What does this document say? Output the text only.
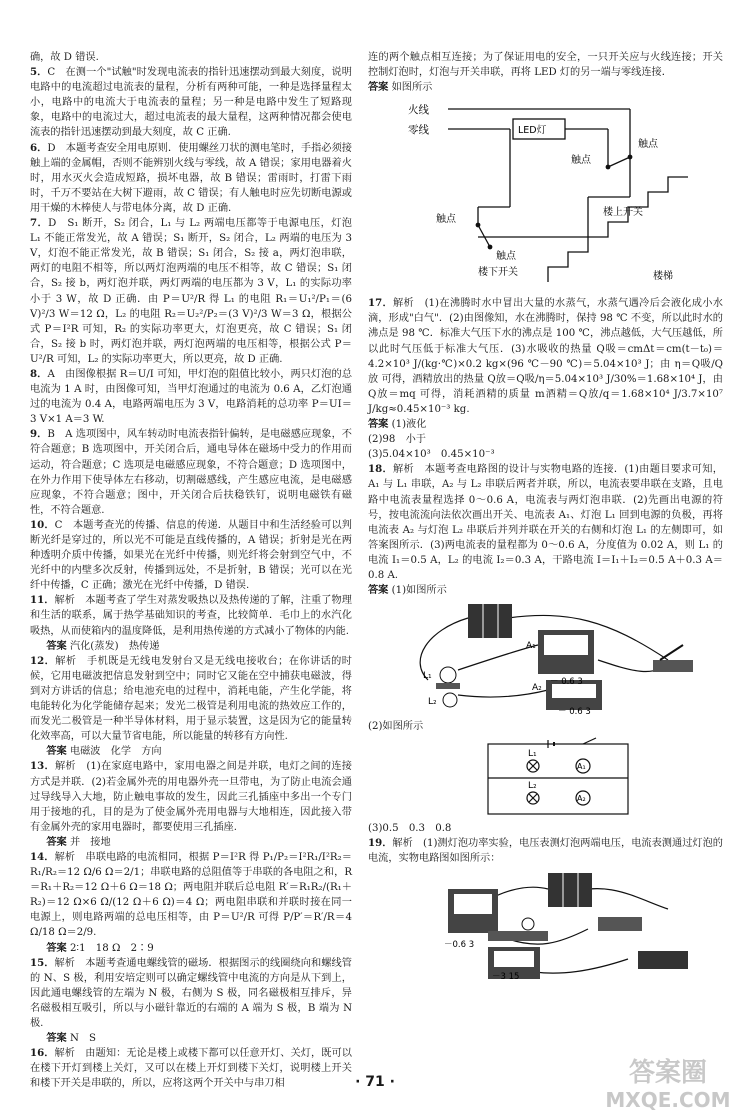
确，故 D 错误.

5．C　在测一个"试触"时发现电流表的指针迅速摆动到最大刻度，说明电路中的电流超过电流表的量程，分析有两种可能，一种是选择量程太小，电路中的电流大于电流表的量程；另一种是电路中发生了短路现象，电路中的电流过大，超过电流表的最大量程，这两种情况都会使电流表的指针迅速摆动到最大刻度，故 C 正确.

6．D　本题考查安全用电原则．使用螺丝刀状的测电笔时，手指必须接触上端的金属帽，否则不能辨别火线与零线，故 A 错误；家用电器着火时，用水灭火会造成短路，损坏电器，故 B 错误；雷雨时，打雷下雨时，千万不要站在大树下避雨，故 C 错误；有人触电时应先切断电源或用干燥的木棒使人与带电体分离，故 D 正确.

7．D　S₁ 断开，S₂ 闭合，L₁ 与 L₂ 两端电压都等于电源电压，灯泡 L₁ 不能正常发光，故 A 错误；S₁ 断开，S₂ 闭合，L₂ 两端的电压为 3 V，灯泡不能正常发光，故 B 错误；S₁ 闭合，S₂ 接 a，两灯泡串联，两灯的电阻不相等，所以两灯泡两端的电压不相等，故 C 错误；S₁ 闭合，S₂ 接 b，两灯泡并联，两灯两端的电压都为 3 V，L₁ 的实际功率小于 3 W，故 D 正确．由 P＝U²/R 得 L₁ 的电阻 R₁＝U₁²/P₁＝(6 V)²/3 W＝12 Ω，L₂ 的电阻 R₂＝U₂²/P₂＝(3 V)²/3 W＝3 Ω，根据公式 P＝I²R 可知，R₂ 的实际功率更大，灯泡更亮，故 C 错误；S₁ 闭合，S₂ 接 b 时，两灯泡并联，两灯泡两端的电压相等，根据公式 P＝U²/R 可知，L₂ 的实际功率更大，所以更亮，故 D 正确.

8．A　由图像根据 R＝U/I 可知，甲灯泡的阻值比较小，两只灯泡的总电流为 1 A 时，由图像可知，当甲灯泡通过的电流为 0.6 A，乙灯泡通过的电流为 0.4 A，电路两端电压为 3 V，电路消耗的总功率 P＝UI＝3 V×1 A＝3 W.

9．B　A 选项图中，风车转动时电流表指针偏转，是电磁感应现象，不符合题意；B 选项图中，开关闭合后，通电导体在磁场中受力的作用而运动，符合题意；C 选项是电磁感应现象，不符合题意；D 选项图中，在外力作用下使导体左右移动，切割磁感线，产生感应电流，是电磁感应现象，不符合题意；图中，开关闭合后扶稳铁钉，说明电磁铁有磁性，不符合题意.

10．C　本题考查光的传播、信息的传递．从题目中和生活经验可以判断光纤是穿过的，所以光不可能是直线传播的，A 错误；折射是光在两种透明介质中传播，如果光在光纤中传播，则光纤将会射到空气中，不光纤中的内壁多次反射，传播到远处，不是折射，B 错误；光可以在光纤中传播，C 正确；激光在光纤中传播，D 错误.

11．解析　本题考查了学生对蒸发吸热以及热传递的了解，注重了物理和生活的联系，属于热学基础知识的考查，比较简单．毛巾上的水汽化吸热，从而使箱内的温度降低，是利用热传递的方式减小了物体的内能.

答案 汽化(蒸发)　热传递

12．解析　手机既是无线电发射台又是无线电接收台；在你讲话的时候，它用电磁波把信息发射到空中；同时它又能在空中捕获电磁波，得到对方讲话的信息；给电池充电的过程中，消耗电能，产生化学能，将电能转化为化学能储存起来；发光二极管是利用电流的热效应工作的，而发光二极管是一种半导体材料，用于显示装置，这是因为它的能量转化效率高，可以大量节省电能，所以能量的转移有方向性.

答案 电磁波　化学　方向

13．解析　(1)在家庭电路中，家用电器之间是并联，电灯之间的连接方式是并联．(2)若金属外壳的用电器外壳一旦带电，为了防止电流会通过导线导入大地，防止触电事故的发生，因此三孔插座中多出一个专门用于接地的孔，目的是为了使金属外壳用电器与大地相连，因此接入带有金属外壳的家用电器时，都要使用三孔插座.

答案 并　接地

14．解析　串联电路的电流相同，根据 P＝I²R 得 P₁/P₂＝I²R₁/I²R₂＝R₁/R₂＝12 Ω/6 Ω＝2/1；串联电路的总阻值等于串联的各电阻之和，R＝R₁＋R₂＝12 Ω＋6 Ω＝18 Ω；两电阻并联后总电阻 R′＝R₁R₂/(R₁＋R₂)＝12 Ω×6 Ω/(12 Ω＋6 Ω)＝4 Ω；两电阻串联和并联时接在同一电源上，则电路两端的总电压相等，由 P＝U²/R 可得 P/P′＝R′/R＝4 Ω/18 Ω＝2/9.

答案 2∶1　18 Ω　2∶9

15．解析　本题考查通电螺线管的磁场．根据图示的线圈绕向和螺线管的 N、S 极，利用安培定则可以确定螺线管中电流的方向是从下到上，因此通电螺线管的左端为 N 极，右侧为 S 极，同名磁极相互排斥，异名磁极相互吸引，所以与小磁针靠近的右端的 A 端为 S 极，B 端为 N 极.

答案 N　S

16．解析　由题知：无论是楼上或楼下都可以任意开灯、关灯，既可以在楼下开灯到楼上关灯，又可以在楼上开灯到楼下关灯，说明楼上开关和楼下开关是串联的，所以，应将这两个开关中与串刀相

连的两个触点相互连接；为了保证用电的安全，一只开关应与火线连接；开关控制灯泡时，灯泡与开关串联，再将 LED 灯的另一端与零线连接．

答案 如图所示

火线
零线	LED灯
触点
触点
楼上开关
触点
触点
楼下开关	楼梯

17．解析　(1)在沸腾时水中冒出大量的水蒸气，水蒸气遇冷后会液化成小水滴，形成"白气"．(2)由图像知，水在沸腾时，保持 98 ℃ 不变，所以此时水的沸点是 98 ℃．标准大气压下水的沸点是 100 ℃，沸点越低，大气压越低，所以此时气压低于标准大气压．(3)水吸收的热量 Q吸＝cmΔt＝cm(t－t₀)＝4.2×10³ J/(kg·℃)×0.2 kg×(96 ℃－90 ℃)＝5.04×10³ J；由 η＝Q吸/Q放 可得，酒精放出的热量 Q放＝Q吸/η＝5.04×10³ J/30%＝1.68×10⁴ J，由 Q放＝mq 可得，消耗酒精的质量 m酒精＝Q放/q＝1.68×10⁴ J/3.7×10⁷ J/kg≈0.45×10⁻³ kg.

答案 (1)液化
(2)98　小于
(3)5.04×10³　0.45×10⁻³

18．解析　本题考查电路图的设计与实物电路的连接．(1)由题目要求可知，A₁ 与 L₁ 串联，A₂ 与 L₂ 串联后两者并联，所以，电流表要串联在支路，且电路中电流表量程选择 0～0.6 A，电流表与两灯泡串联．(2)先画出电源的符号，按电流流向法依次画出开关、电流表 A₁、灯泡 L₁ 回到电源的负极，再将电流表 A₂ 与灯泡 L₂ 串联后并列并联在开关的右侧和灯泡 L₁ 的左侧即可，如答案图所示．(3)两电流表的量程都为 0～0.6 A，分度值为 0.02 A，则 L₁ 的电流 I₁＝0.5 A，L₂ 的电流 I₂＝0.3 A，干路电流 I＝I₁＋I₂＝0.5 A＋0.3 A＝0.8 A.

答案 (1)如图所示

L₁
L₂
A₁
A₂
－ 0.6 3
－ 0.6 3

(2)如图所示

L₁
L₂
A₁
A₂

(3)0.5　0.3　0.8

19．解析　(1)测灯泡功率实验，电压表测灯泡两端电压，电流表测通过灯泡的电流，实物电路图如图所示：

－0.6 3
－3 15
· 71 ·	答案圈
MXQE.COM
